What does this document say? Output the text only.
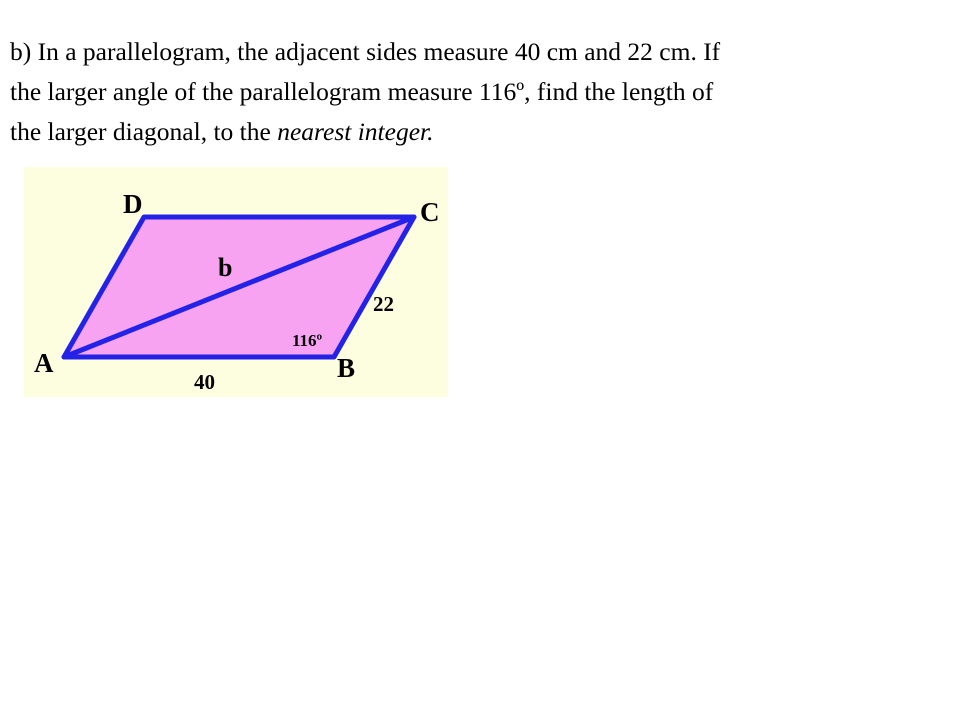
b) In a parallelogram, the adjacent sides measure 40 cm and 22 cm. If
the larger angle of the parallelogram measure 116º, find the length of
the larger diagonal, to the nearest integer.
D	C
A	B
b
22
40
116º
